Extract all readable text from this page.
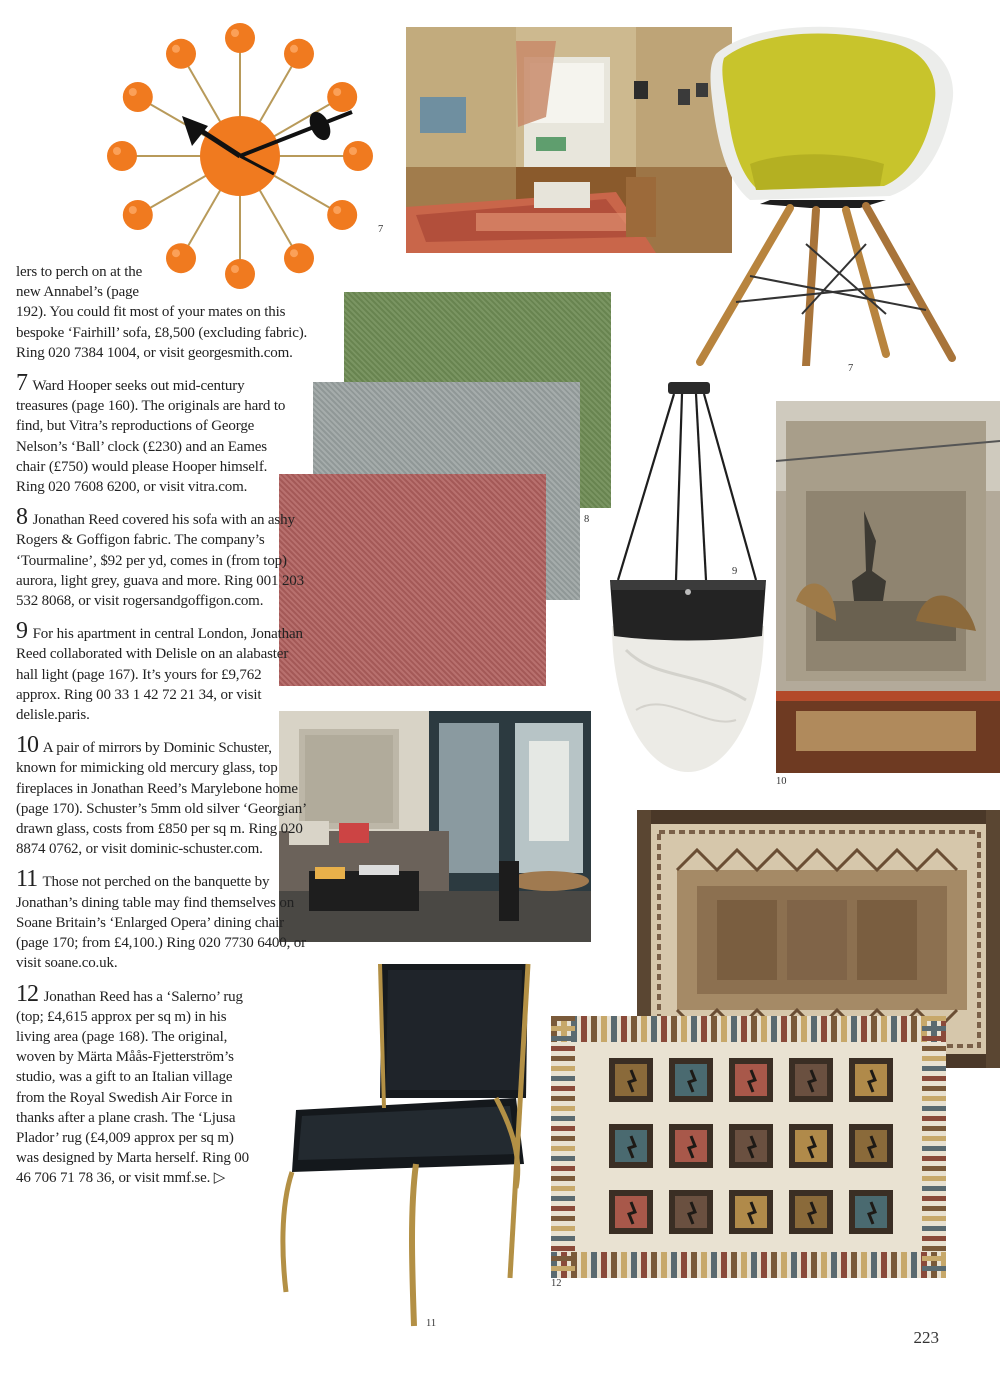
7
7
8
9
10
11
12

lers to perch on at the new Annabel’s (page 192). You could fit most of your mates on this bespoke ‘Fairhill’ sofa, £8,500 (excluding fabric). Ring 020 7384 1004, or visit georgesmith.com.

7 Ward Hooper seeks out mid-century treasures (page 160). The originals are hard to find, but Vitra’s reproductions of George Nelson’s ‘Ball’ clock (£230) and an Eames chair (£750) would please Hooper himself. Ring 020 7608 6200, or visit vitra.com.

8 Jonathan Reed covered his sofa with an ashy Rogers & Goffigon fabric. The company’s ‘Tourmaline’, $92 per yd, comes in (from top) aurora, light grey, guava and more. Ring 001 203 532 8068, or visit rogersandgoffigon.com.

9 For his apartment in central London, Jonathan Reed collaborated with Delisle on an alabaster hall light (page 167). It’s yours for £9,762 approx. Ring 00 33 1 42 72 21 34, or visit delisle.paris.

10 A pair of mirrors by Dominic Schuster, known for mimicking old mercury glass, top fireplaces in Jonathan Reed’s Marylebone home (page 170). Schuster’s 5mm old silver ‘Georgian’ drawn glass, costs from £850 per sq m. Ring 020 8874 0762, or visit dominic-schuster.com.

11 Those not perched on the banquette by Jonathan’s dining table may find themselves on Soane Britain’s ‘Enlarged Opera’ dining chair (page 170; from £4,100.) Ring 020 7730 6400, or visit soane.co.uk.

12
Jonathan Reed has a ‘Salerno’ rug (top; £4,615 approx per sq m) in his living area (page 168). The original, woven by Märta Måås-Fjetterström’s studio, was a gift to an Italian village from the Royal Swedish Air Force in thanks after a plane crash. The ‘Ljusa Plador’ rug (£4,009 approx per sq m) was designed by Marta herself. Ring 00 46 706 71 78 36, or visit mmf.se. ▷

223
